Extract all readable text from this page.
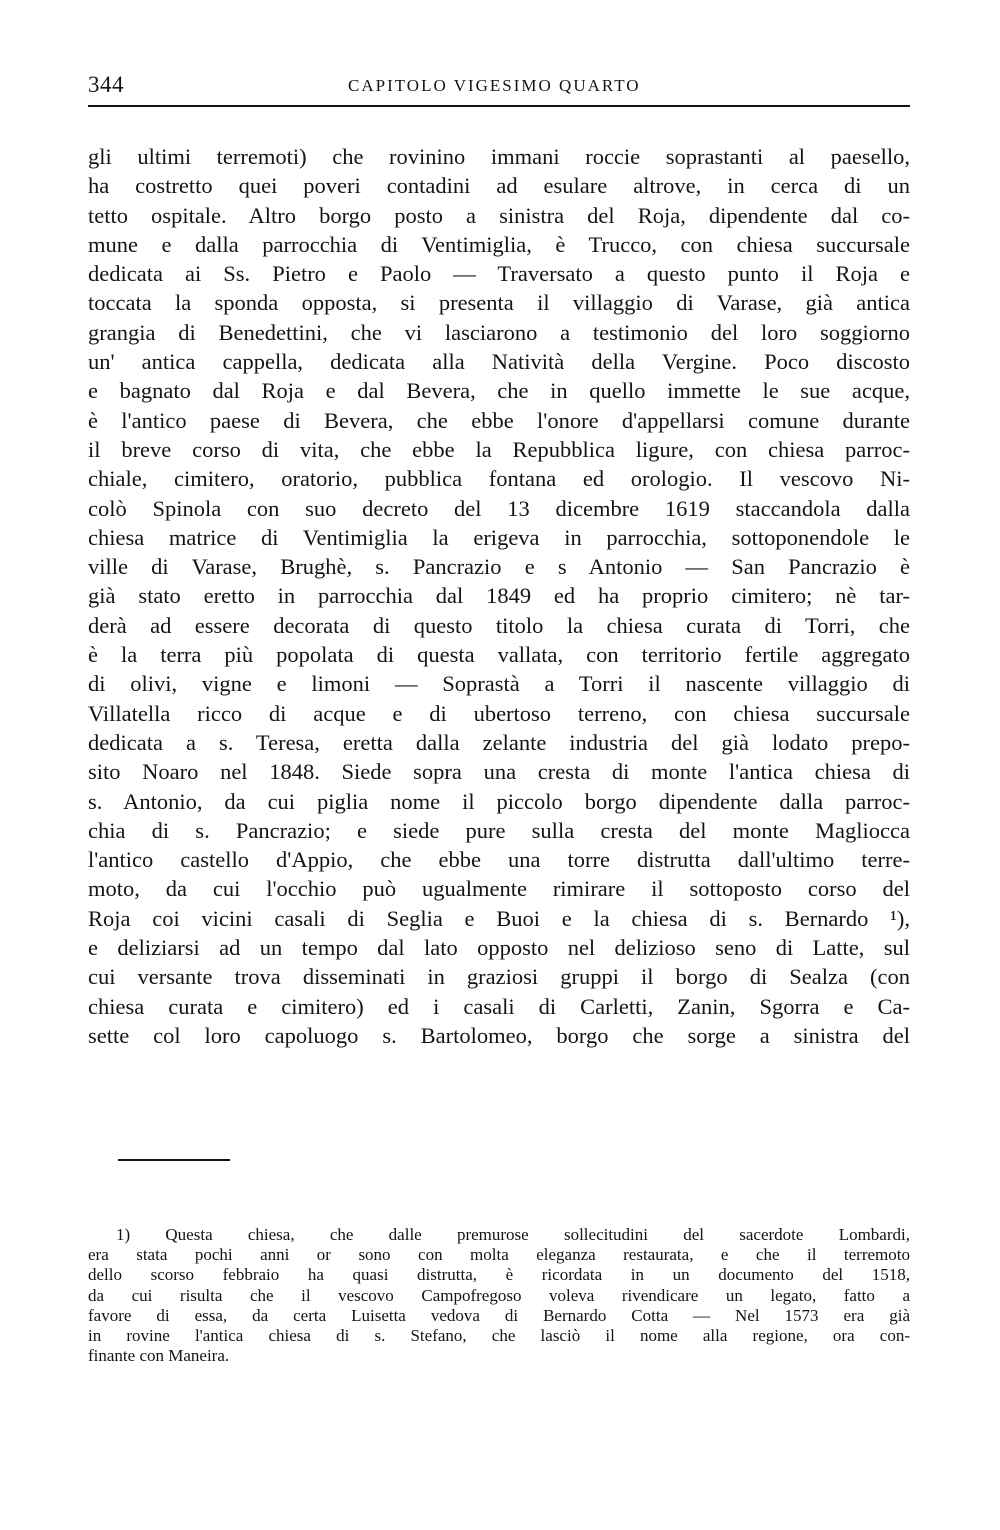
344	CAPITOLO VIGESIMO QUARTO
gli ultimi terremoti) che rovinino immani roccie soprastanti al paesello,
ha costretto quei poveri contadini ad esulare altrove, in cerca di un
tetto ospitale. Altro borgo posto a sinistra del Roja, dipendente dal co-
mune e dalla parrocchia di Ventimiglia, è Trucco, con chiesa succursale
dedicata ai Ss. Pietro e Paolo — Traversato a questo punto il Roja e
toccata la sponda opposta, si presenta il villaggio di Varase, già antica
grangia di Benedettini, che vi lasciarono a testimonio del loro soggiorno
un' antica cappella, dedicata alla Natività della Vergine. Poco discosto
e bagnato dal Roja e dal Bevera, che in quello immette le sue acque,
è l'antico paese di Bevera, che ebbe l'onore d'appellarsi comune durante
il breve corso di vita, che ebbe la Repubblica ligure, con chiesa parroc-
chiale, cimitero, oratorio, pubblica fontana ed orologio. Il vescovo Ni-
colò Spinola con suo decreto del 13 dicembre 1619 staccandola dalla
chiesa matrice di Ventimiglia la erigeva in parrocchia, sottoponendole le
ville di Varase, Brughè, s. Pancrazio e s Antonio — San Pancrazio è
già stato eretto in parrocchia dal 1849 ed ha proprio cimitero; nè tar-
derà ad essere decorata di questo titolo la chiesa curata di Torri, che
è la terra più popolata di questa vallata, con territorio fertile aggregato
di olivi, vigne e limoni — Soprastà a Torri il nascente villaggio di
Villatella ricco di acque e di ubertoso terreno, con chiesa succursale
dedicata a s. Teresa, eretta dalla zelante industria del già lodato prepo-
sito Noaro nel 1848. Siede sopra una cresta di monte l'antica chiesa di
s. Antonio, da cui piglia nome il piccolo borgo dipendente dalla parroc-
chia di s. Pancrazio; e siede pure sulla cresta del monte Magliocca
l'antico castello d'Appio, che ebbe una torre distrutta dall'ultimo terre-
moto, da cui l'occhio può ugualmente rimirare il sottoposto corso del
Roja coi vicini casali di Seglia e Buoi e la chiesa di s. Bernardo ¹),
e deliziarsi ad un tempo dal lato opposto nel delizioso seno di Latte, sul
cui versante trova disseminati in graziosi gruppi il borgo di Sealza (con
chiesa curata e cimitero) ed i casali di Carletti, Zanin, Sgorra e Ca-
sette col loro capoluogo s. Bartolomeo, borgo che sorge a sinistra del
1) Questa chiesa, che dalle premurose sollecitudini del sacerdote Lombardi,
era stata pochi anni or sono con molta eleganza restaurata, e che il terremoto
dello scorso febbraio ha quasi distrutta, è ricordata in un documento del 1518,
da cui risulta che il vescovo Campofregoso voleva rivendicare un legato, fatto a
favore di essa, da certa Luisetta vedova di Bernardo Cotta — Nel 1573 era già
in rovine l'antica chiesa di s. Stefano, che lasciò il nome alla regione, ora con-
finante con Maneira.
